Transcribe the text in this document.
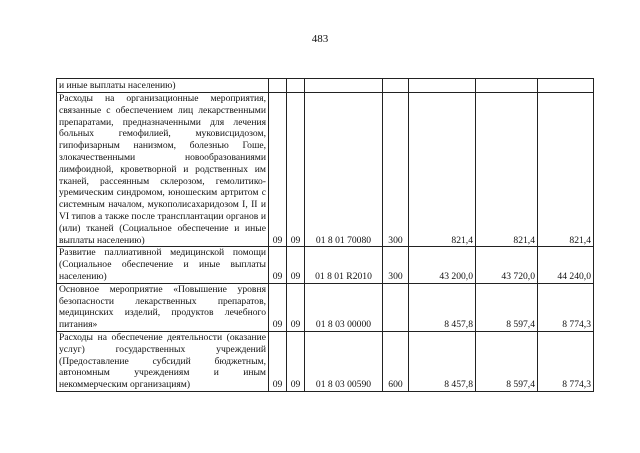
483
и иные выплаты населению)							
Расходы на организационные мероприятия, связанные с обеспечением лиц лекарственными препаратами, предназначенными для лечения больных гемофилией, муковисцидозом, гипофизарным нанизмом, болезнью Гоше, злокачественными новообразованиями лимфоидной, кроветворной и родственных им тканей, рассеянным склерозом, гемолитико-уремическим синдромом, юношеским артритом с системным началом, мукополисахаридозом I, II и VI типов а также после трансплантации органов и (или) тканей (Социальное обеспечение и иные выплаты населению)	09	09	01 8 01 70080	300	821,4	821,4	821,4
Развитие паллиативной медицинской помощи (Социальное обеспечение и иные выплаты населению)	09	09	01 8 01 R2010	300	43 200,0	43 720,0	44 240,0
Основное мероприятие «Повышение уровня безопасности лекарственных препаратов, медицинских изделий, продуктов лечебного питания»	09	09	01 8 03 00000		8 457,8	8 597,4	8 774,3
Расходы на обеспечение деятельности (оказание услуг) государственных учреждений (Предоставление субсидий бюджетным, автономным учреждениям и иным некоммерческим организациям)	09	09	01 8 03 00590	600	8 457,8	8 597,4	8 774,3
